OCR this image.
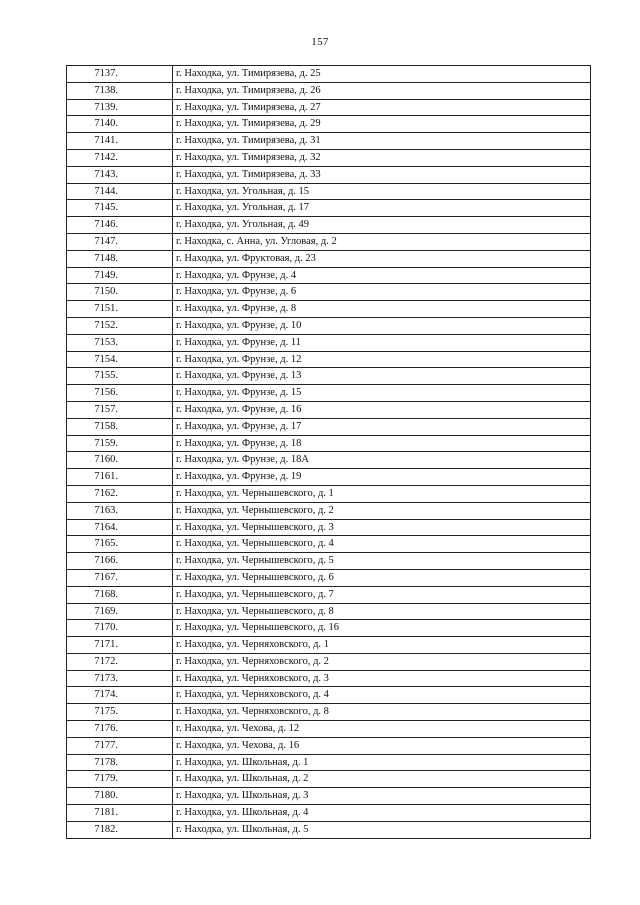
157
7137.	г. Находка, ул. Тимирязева, д. 25
7138.	г. Находка, ул. Тимирязева, д. 26
7139.	г. Находка, ул. Тимирязева, д. 27
7140.	г. Находка, ул. Тимирязева, д. 29
7141.	г. Находка, ул. Тимирязева, д. 31
7142.	г. Находка, ул. Тимирязева, д. 32
7143.	г. Находка, ул. Тимирязева, д. 33
7144.	г. Находка, ул. Угольная, д. 15
7145.	г. Находка, ул. Угольная, д. 17
7146.	г. Находка, ул. Угольная, д. 49
7147.	г. Находка, с. Анна, ул. Угловая, д. 2
7148.	г. Находка, ул. Фруктовая, д. 23
7149.	г. Находка, ул. Фрунзе, д. 4
7150.	г. Находка, ул. Фрунзе, д. 6
7151.	г. Находка, ул. Фрунзе, д. 8
7152.	г. Находка, ул. Фрунзе, д. 10
7153.	г. Находка, ул. Фрунзе, д. 11
7154.	г. Находка, ул. Фрунзе, д. 12
7155.	г. Находка, ул. Фрунзе, д. 13
7156.	г. Находка, ул. Фрунзе, д. 15
7157.	г. Находка, ул. Фрунзе, д. 16
7158.	г. Находка, ул. Фрунзе, д. 17
7159.	г. Находка, ул. Фрунзе, д. 18
7160.	г. Находка, ул. Фрунзе, д. 18А
7161.	г. Находка, ул. Фрунзе, д. 19
7162.	г. Находка, ул. Чернышевского, д. 1
7163.	г. Находка, ул. Чернышевского, д. 2
7164.	г. Находка, ул. Чернышевского, д. 3
7165.	г. Находка, ул. Чернышевского, д. 4
7166.	г. Находка, ул. Чернышевского, д. 5
7167.	г. Находка, ул. Чернышевского, д. 6
7168.	г. Находка, ул. Чернышевского, д. 7
7169.	г. Находка, ул. Чернышевского, д. 8
7170.	г. Находка, ул. Чернышевского, д. 16
7171.	г. Находка, ул. Черняховского, д. 1
7172.	г. Находка, ул. Черняховского, д. 2
7173.	г. Находка, ул. Черняховского, д. 3
7174.	г. Находка, ул. Черняховского, д. 4
7175.	г. Находка, ул. Черняховского, д. 8
7176.	г. Находка, ул. Чехова, д. 12
7177.	г. Находка, ул. Чехова, д. 16
7178.	г. Находка, ул. Школьная, д. 1
7179.	г. Находка, ул. Школьная, д. 2
7180.	г. Находка, ул. Школьная, д. 3
7181.	г. Находка, ул. Школьная, д. 4
7182.	г. Находка, ул. Школьная, д. 5
